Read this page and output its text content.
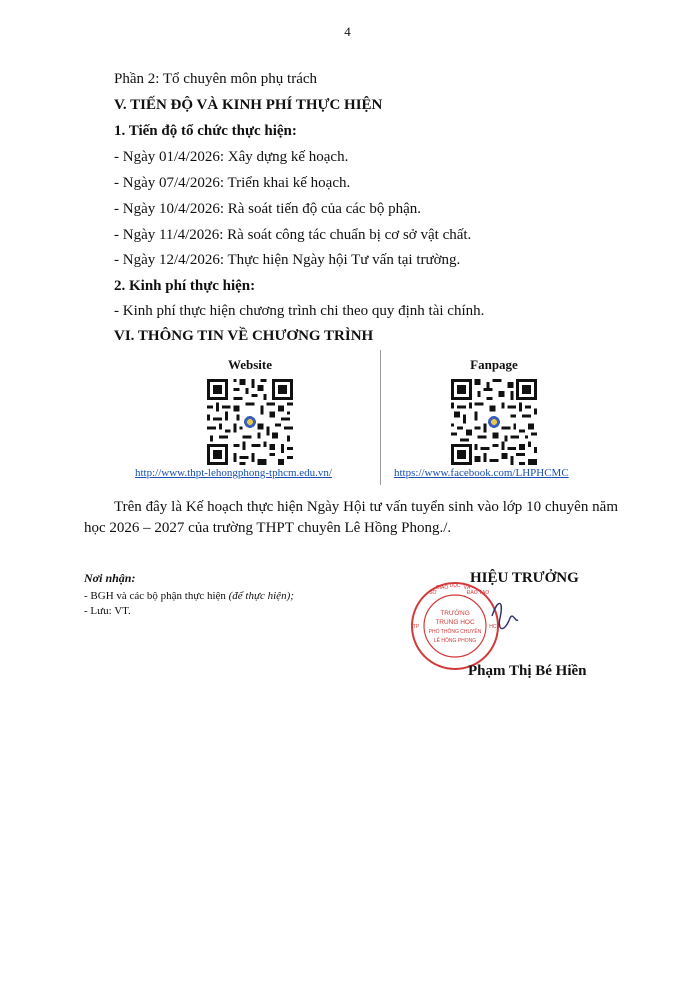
4
Phần 2: Tổ chuyên môn phụ trách
V. TIẾN ĐỘ VÀ KINH PHÍ THỰC HIỆN
1. Tiến độ tổ chức thực hiện:
- Ngày 01/4/2026: Xây dựng kế hoạch.
- Ngày 07/4/2026: Triển khai kế hoạch.
- Ngày 10/4/2026: Rà soát tiến độ của các bộ phận.
- Ngày 11/4/2026: Rà soát công tác chuẩn bị cơ sở vật chất.
- Ngày 12/4/2026: Thực hiện Ngày hội Tư vấn tại trường.
2. Kinh phí thực hiện:
- Kinh phí thực hiện chương trình chi theo quy định tài chính.
VI. THÔNG TIN VỀ CHƯƠNG TRÌNH
Website
http://www.thpt-lehongphong-tphcm.edu.vn/
Fanpage
https://www.facebook.com/LHPHCMC
Trên đây là Kế hoạch thực hiện Ngày Hội tư vấn tuyển sinh vào lớp 10 chuyên năm học 2026 – 2027 của trường THPT chuyên Lê Hồng Phong./.
Nơi nhận:
- BGH và các bộ phận thực hiện (để thực hiện);
- Lưu: VT.
HIỆU TRƯỞNG
SỞ
GIÁO DỤC VÀ
ĐÀO TẠO
TP	HCM
TRƯỜNG
TRUNG HỌC
PHỔ THÔNG CHUYÊN
LÊ HỒNG PHONG
Phạm Thị Bé Hiền
